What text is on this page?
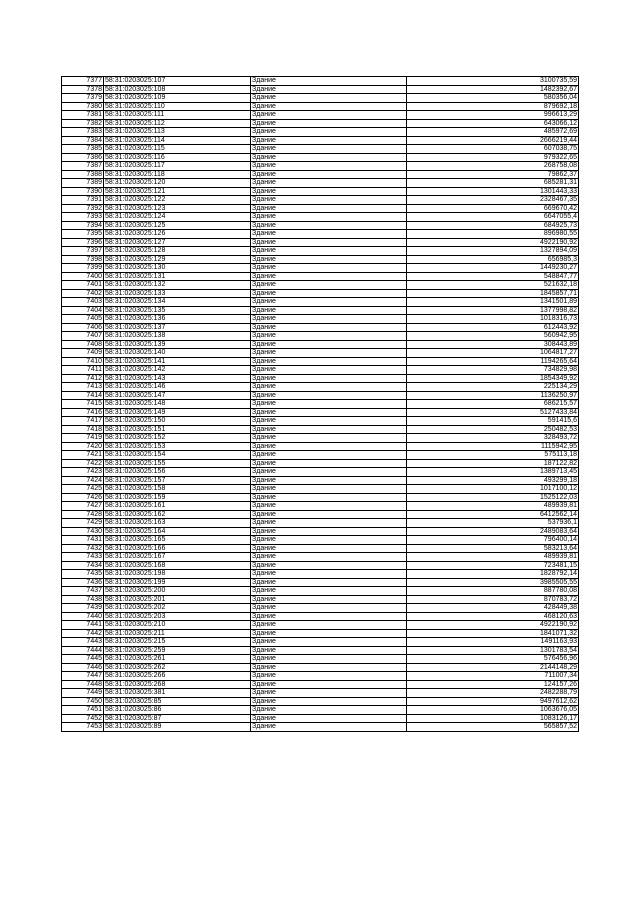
7377	58:31:0203025:107	Здание	3100735,59
7378	58:31:0203025:108	Здание	1482392,67
7379	58:31:0203025:109	Здание	580356,04
7380	58:31:0203025:110	Здание	879692,18
7381	58:31:0203025:111	Здание	996613,29
7382	58:31:0203025:112	Здание	643066,12
7383	58:31:0203025:113	Здание	485972,69
7384	58:31:0203025:114	Здание	2666219,44
7385	58:31:0203025:115	Здание	607038,75
7386	58:31:0203025:116	Здание	979322,65
7387	58:31:0203025:117	Здание	268758,08
7388	58:31:0203025:118	Здание	79862,37
7389	58:31:0203025:120	Здание	685281,31
7390	58:31:0203025:121	Здание	1301443,33
7391	58:31:0203025:122	Здание	2328467,35
7392	58:31:0203025:123	Здание	669670,42
7393	58:31:0203025:124	Здание	6647055,4
7394	58:31:0203025:125	Здание	684925,73
7395	58:31:0203025:126	Здание	896980,55
7396	58:31:0203025:127	Здание	4922190,92
7397	58:31:0203025:128	Здание	1327894,09
7398	58:31:0203025:129	Здание	656985,3
7399	58:31:0203025:130	Здание	1449230,27
7400	58:31:0203025:131	Здание	548847,77
7401	58:31:0203025:132	Здание	521632,18
7402	58:31:0203025:133	Здание	1845857,71
7403	58:31:0203025:134	Здание	1341501,89
7404	58:31:0203025:135	Здание	1377998,82
7405	58:31:0203025:136	Здание	1018316,73
7406	58:31:0203025:137	Здание	612443,92
7407	58:31:0203025:138	Здание	560942,95
7408	58:31:0203025:139	Здание	308443,89
7409	58:31:0203025:140	Здание	1064817,27
7410	58:31:0203025:141	Здание	1194265,64
7411	58:31:0203025:142	Здание	734829,98
7412	58:31:0203025:143	Здание	1854349,92
7413	58:31:0203025:146	Здание	225134,29
7414	58:31:0203025:147	Здание	1136250,97
7415	58:31:0203025:148	Здание	686215,57
7416	58:31:0203025:149	Здание	5127433,84
7417	58:31:0203025:150	Здание	591415,6
7418	58:31:0203025:151	Здание	250482,53
7419	58:31:0203025:152	Здание	328493,72
7420	58:31:0203025:153	Здание	1115942,95
7421	58:31:0203025:154	Здание	575113,18
7422	58:31:0203025:155	Здание	187122,82
7423	58:31:0203025:156	Здание	1389713,45
7424	58:31:0203025:157	Здание	493299,18
7425	58:31:0203025:158	Здание	1017100,12
7426	58:31:0203025:159	Здание	1525122,03
7427	58:31:0203025:161	Здание	489939,81
7428	58:31:0203025:162	Здание	6412562,14
7429	58:31:0203025:163	Здание	537936,1
7430	58:31:0203025:164	Здание	2489083,64
7431	58:31:0203025:165	Здание	796400,14
7432	58:31:0203025:166	Здание	583213,64
7433	58:31:0203025:167	Здание	489939,81
7434	58:31:0203025:168	Здание	723481,15
7435	58:31:0203025:198	Здание	1828792,14
7436	58:31:0203025:199	Здание	3985505,55
7437	58:31:0203025:200	Здание	887780,08
7438	58:31:0203025:201	Здание	870783,72
7439	58:31:0203025:202	Здание	428449,38
7440	58:31:0203025:203	Здание	468120,63
7441	58:31:0203025:210	Здание	4922190,92
7442	58:31:0203025:211	Здание	1841071,32
7443	58:31:0203025:215	Здание	1491163,93
7444	58:31:0203025:259	Здание	1301783,54
7445	58:31:0203025:261	Здание	576456,96
7446	58:31:0203025:262	Здание	2144148,29
7447	58:31:0203025:266	Здание	711007,34
7448	58:31:0203025:268	Здание	124157,26
7449	58:31:0203025:381	Здание	2482288,79
7450	58:31:0203025:85	Здание	9497612,62
7451	58:31:0203025:86	Здание	1063676,05
7452	58:31:0203025:87	Здание	1083126,17
7453	58:31:0203025:89	Здание	565857,52
